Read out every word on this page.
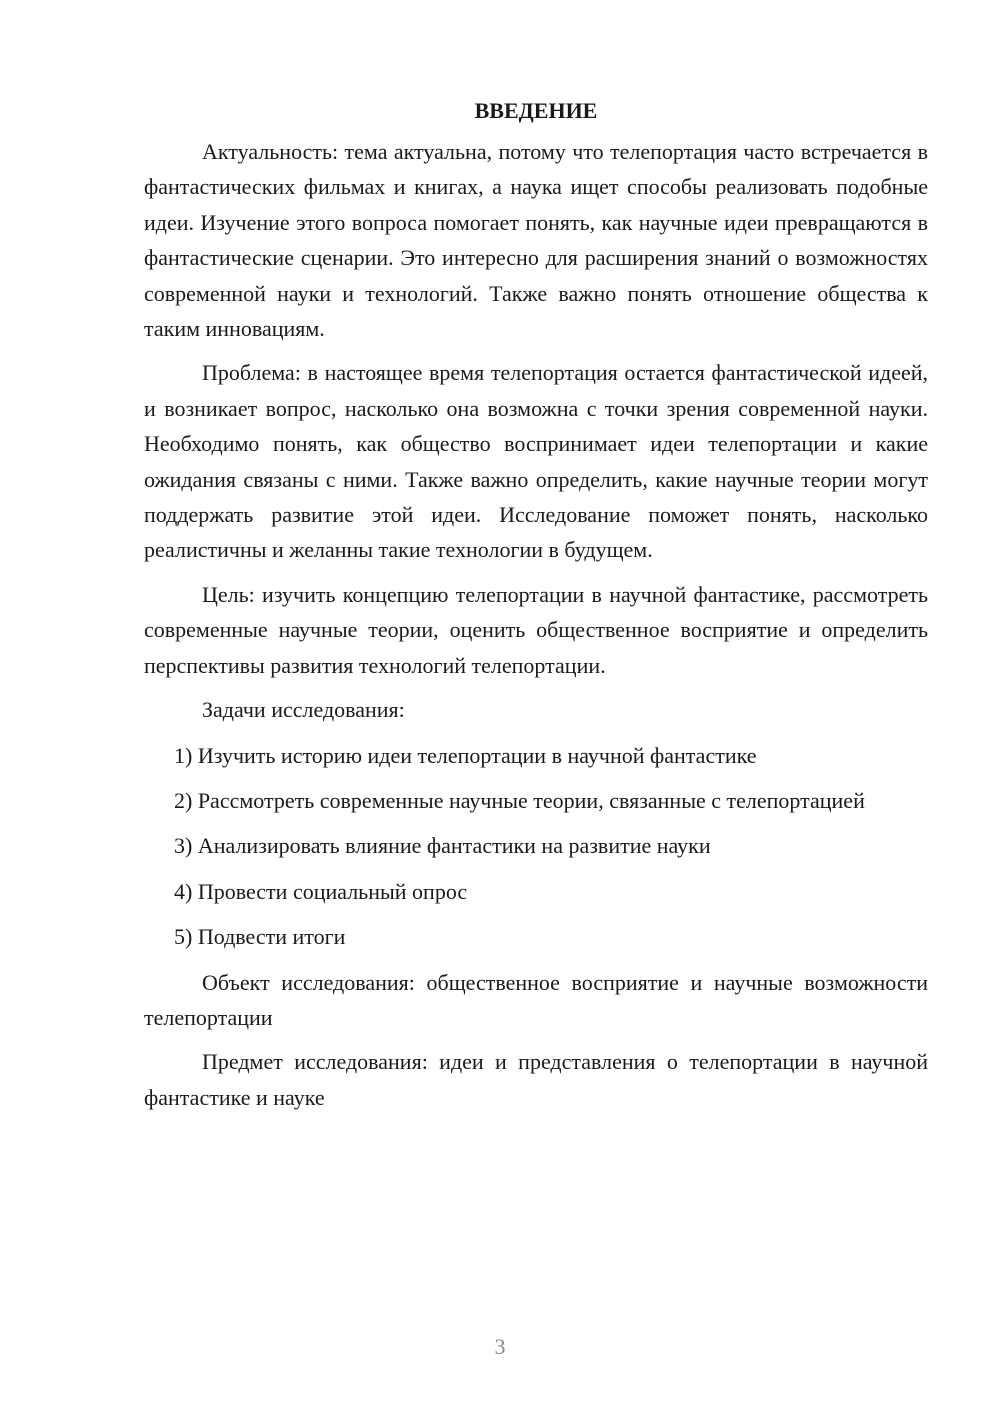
ВВЕДЕНИЕ

Актуальность: тема актуальна, потому что телепортация часто встречается в фантастических фильмах и книгах, а наука ищет способы реализовать подобные идеи. Изучение этого вопроса помогает понять, как научные идеи превращаются в фантастические сценарии. Это интересно для расширения знаний о возможностях современной науки и технологий. Также важно понять отношение общества к таким инновациям.

Проблема: в настоящее время телепортация остается фантастической идеей, и возникает вопрос, насколько она возможна с точки зрения современной науки. Необходимо понять, как общество воспринимает идеи телепортации и какие ожидания связаны с ними. Также важно определить, какие научные теории могут поддержать развитие этой идеи. Исследование поможет понять, насколько реалистичны и желанны такие технологии в будущем.

Цель: изучить концепцию телепортации в научной фантастике, рассмотреть современные научные теории, оценить общественное восприятие и определить перспективы развития технологий телепортации.

Задачи исследования:

1) Изучить историю идеи телепортации в научной фантастике

2) Рассмотреть современные научные теории, связанные с телепортацией

3) Анализировать влияние фантастики на развитие науки

4) Провести социальный опрос

5) Подвести итоги

Объект исследования: общественное восприятие и научные возможности телепортации

Предмет исследования: идеи и представления о телепортации в научной фантастике и науке

3
